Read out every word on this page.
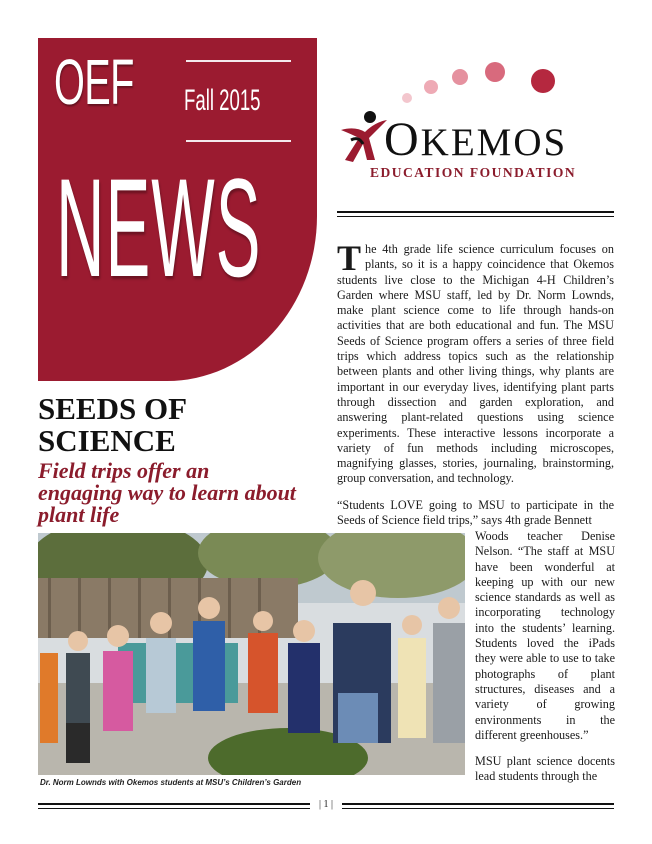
OEF Fall 2015
NEWS
OKEMOS
EDUCATION FOUNDATION
SEEDS OF
SCIENCE
Field trips offer an engaging way to learn about plant life
T he 4th grade life science curriculum focuses on plants, so it is a happy coincidence that Okemos students live close to the Michigan 4-H Children’s Garden where MSU staff, led by Dr. Norm Lownds, make plant science come to life through hands-on activities that are both educational and fun. The MSU Seeds of Science program offers a series of three field trips which address topics such as the relationship between plants and other living things, why plants are important in our everyday lives, identifying plant parts through dissection and garden exploration, and answering plant-related questions using science experiments. These interactive lessons incorporate a variety of fun methods including microscopes, magnifying glasses, stories, journaling, brainstorming, group conversation, and technology.

“Students LOVE going to MSU to participate in the Seeds of Science field trips,” says 4th grade Bennett
Woods teacher Denise Nelson. “The staff at MSU have been wonderful at keeping up with our new science standards as well as incorporating technology into the students’ learning. Students loved the iPads they were able to use to take photographs of plant structures, diseases and a variety of growing environments in the different greenhouses.”
MSU plant science docents lead students through the
Dr. Norm Lownds with Okemos students at MSU’s Children’s Garden
| 1 |
